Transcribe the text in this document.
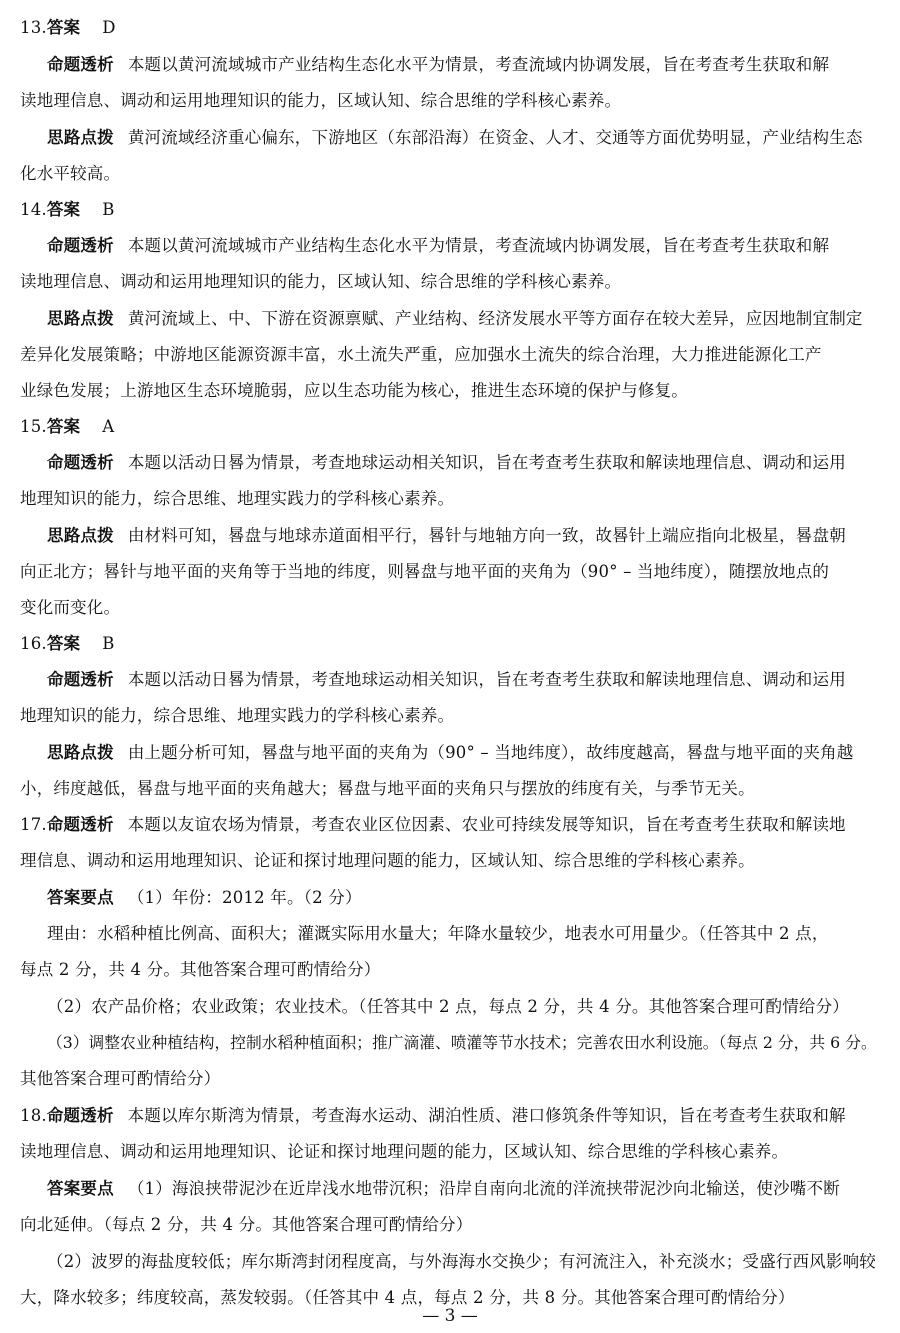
13.答案 D
命题透析 本题以黄河流域城市产业结构生态化水平为情景，考查流域内协调发展，旨在考查考生获取和解
读地理信息、调动和运用地理知识的能力，区域认知、综合思维的学科核心素养。
思路点拨 黄河流域经济重心偏东，下游地区（东部沿海）在资金、人才、交通等方面优势明显，产业结构生态
化水平较高。
14.答案 B
命题透析 本题以黄河流域城市产业结构生态化水平为情景，考查流域内协调发展，旨在考查考生获取和解
读地理信息、调动和运用地理知识的能力，区域认知、综合思维的学科核心素养。
思路点拨 黄河流域上、中、下游在资源禀赋、产业结构、经济发展水平等方面存在较大差异，应因地制宜制定
差异化发展策略；中游地区能源资源丰富，水土流失严重，应加强水土流失的综合治理，大力推进能源化工产
业绿色发展；上游地区生态环境脆弱，应以生态功能为核心，推进生态环境的保护与修复。
15.答案 A
命题透析 本题以活动日晷为情景，考查地球运动相关知识，旨在考查考生获取和解读地理信息、调动和运用
地理知识的能力，综合思维、地理实践力的学科核心素养。
思路点拨 由材料可知，晷盘与地球赤道面相平行，晷针与地轴方向一致，故晷针上端应指向北极星，晷盘朝
向正北方；晷针与地平面的夹角等于当地的纬度，则晷盘与地平面的夹角为（90° – 当地纬度），随摆放地点的
变化而变化。
16.答案 B
命题透析 本题以活动日晷为情景，考查地球运动相关知识，旨在考查考生获取和解读地理信息、调动和运用
地理知识的能力，综合思维、地理实践力的学科核心素养。
思路点拨 由上题分析可知，晷盘与地平面的夹角为（90° – 当地纬度），故纬度越高，晷盘与地平面的夹角越
小，纬度越低，晷盘与地平面的夹角越大；晷盘与地平面的夹角只与摆放的纬度有关，与季节无关。
17.命题透析 本题以友谊农场为情景，考查农业区位因素、农业可持续发展等知识，旨在考查考生获取和解读地
理信息、调动和运用地理知识、论证和探讨地理问题的能力，区域认知、综合思维的学科核心素养。
答案要点 （1）年份：2012 年。（2 分）
理由：水稻种植比例高、面积大；灌溉实际用水量大；年降水量较少，地表水可用量少。（任答其中 2 点，
每点 2 分，共 4 分。其他答案合理可酌情给分）
（2）农产品价格；农业政策；农业技术。（任答其中 2 点，每点 2 分，共 4 分。其他答案合理可酌情给分）
（3）调整农业种植结构，控制水稻种植面积；推广滴灌、喷灌等节水技术；完善农田水利设施。（每点 2 分，共 6 分。
其他答案合理可酌情给分）
18.命题透析 本题以库尔斯湾为情景，考查海水运动、湖泊性质、港口修筑条件等知识，旨在考查考生获取和解
读地理信息、调动和运用地理知识、论证和探讨地理问题的能力，区域认知、综合思维的学科核心素养。
答案要点 （1）海浪挟带泥沙在近岸浅水地带沉积；沿岸自南向北流的洋流挟带泥沙向北输送，使沙嘴不断
向北延伸。（每点 2 分，共 4 分。其他答案合理可酌情给分）
（2）波罗的海盐度较低；库尔斯湾封闭程度高，与外海海水交换少；有河流注入，补充淡水；受盛行西风影响较
大，降水较多；纬度较高，蒸发较弱。（任答其中 4 点，每点 2 分，共 8 分。其他答案合理可酌情给分）
— 3 —
